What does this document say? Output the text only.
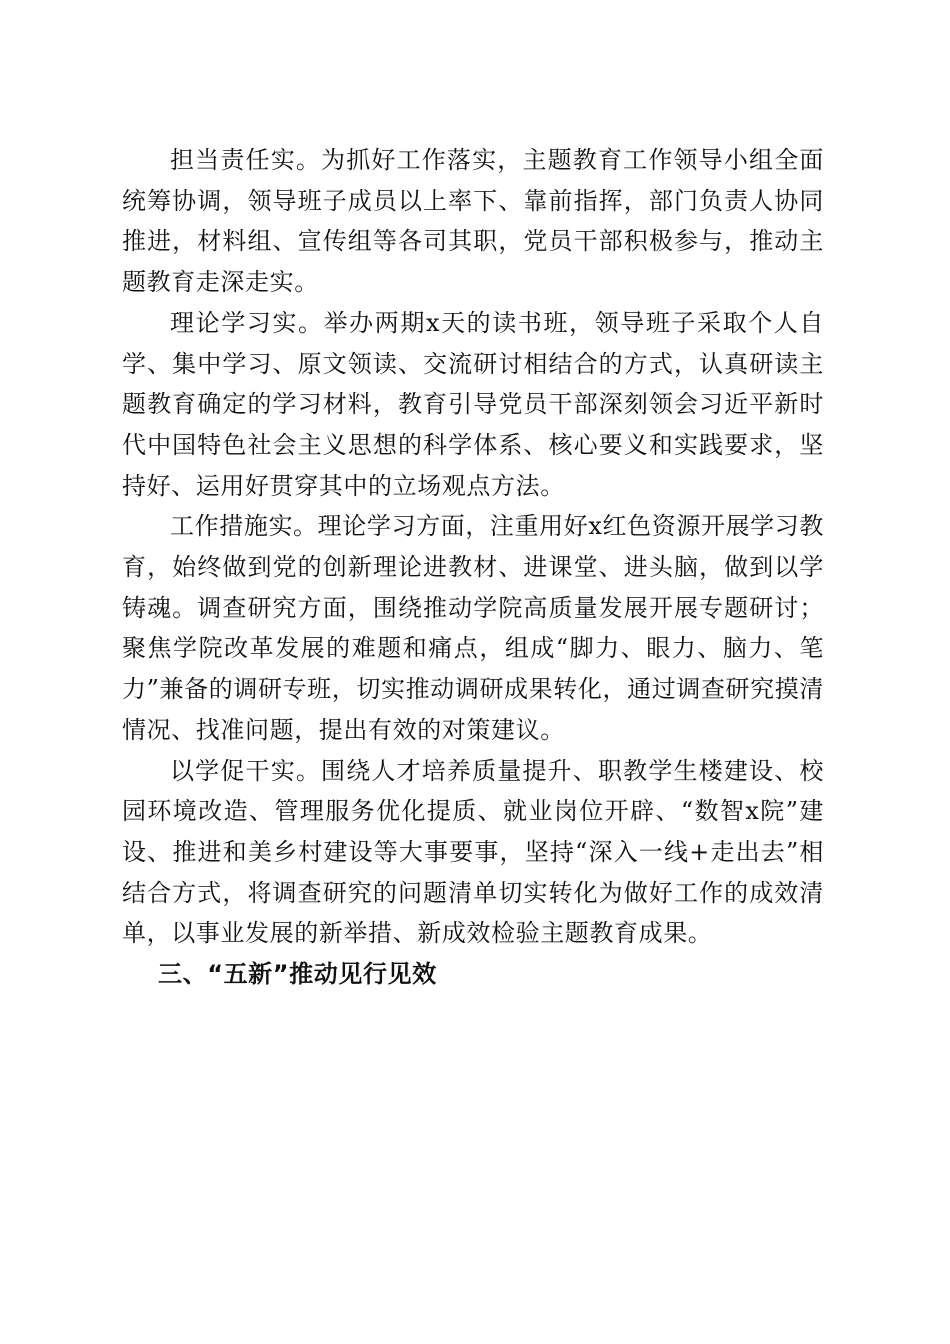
担当责任实。为抓好工作落实，主题教育工作领导小组全面统筹协调，领导班子成员以上率下、靠前指挥，部门负责人协同推进，材料组、宣传组等各司其职，党员干部积极参与，推动主题教育走深走实。

理论学习实。举办两期x天的读书班，领导班子采取个人自学、集中学习、原文领读、交流研讨相结合的方式，认真研读主题教育确定的学习材料，教育引导党员干部深刻领会习近平新时代中国特色社会主义思想的科学体系、核心要义和实践要求，坚持好、运用好贯穿其中的立场观点方法。

工作措施实。理论学习方面，注重用好x红色资源开展学习教育，始终做到党的创新理论进教材、进课堂、进头脑，做到以学铸魂。调查研究方面，围绕推动学院高质量发展开展专题研讨；聚焦学院改革发展的难题和痛点，组成“脚力、眼力、脑力、笔力”兼备的调研专班，切实推动调研成果转化，通过调查研究摸清情况、找准问题，提出有效的对策建议。

以学促干实。围绕人才培养质量提升、职教学生楼建设、校园环境改造、管理服务优化提质、就业岗位开辟、“数智x院”建设、推进和美乡村建设等大事要事，坚持“深入一线+走出去”相结合方式，将调查研究的问题清单切实转化为做好工作的成效清单，以事业发展的新举措、新成效检验主题教育成果。

三、“五新”推动见行见效
